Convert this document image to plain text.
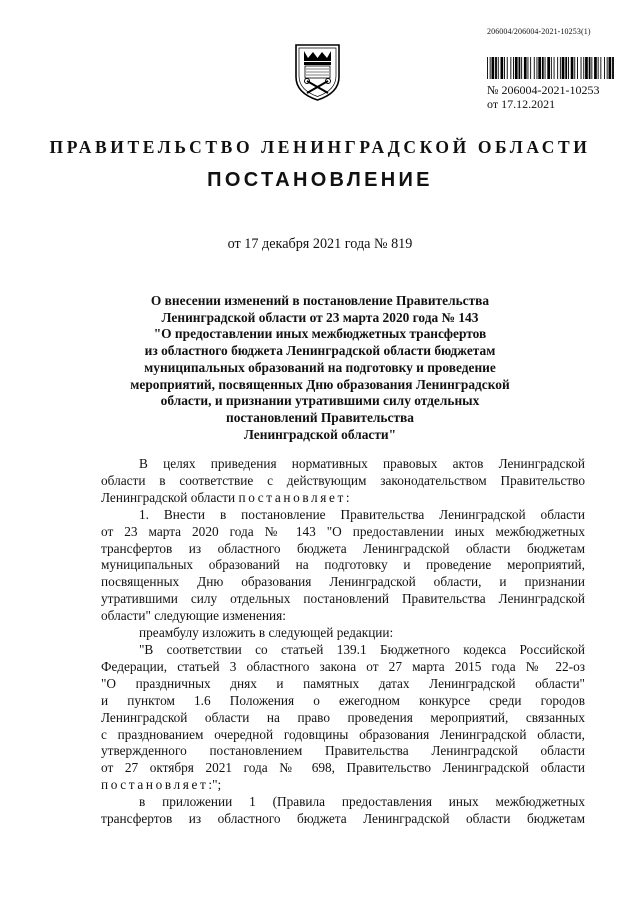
206004/206004-2021-10253(1)
№ 206004-2021-10253
от 17.12.2021
ПРАВИТЕЛЬСТВО ЛЕНИНГРАДСКОЙ ОБЛАСТИ
ПОСТАНОВЛЕНИЕ
от 17 декабря 2021 года № 819
О внесении изменений в постановление Правительства
Ленинградской области от 23 марта 2020 года № 143
"О предоставлении иных межбюджетных трансфертов
из областного бюджета Ленинградской области бюджетам
муниципальных образований на подготовку и проведение
мероприятий, посвященных Дню образования Ленинградской
области, и признании утратившими силу отдельных
постановлений Правительства
Ленинградской области"
В целях приведения нормативных правовых актов Ленинградской
области в соответствие с действующим законодательством Правительство
Ленинградской области постановляет:
1. Внести в постановление Правительства Ленинградской области
от 23 марта 2020 года № 143 "О предоставлении иных межбюджетных
трансфертов из областного бюджета Ленинградской области бюджетам
муниципальных образований на подготовку и проведение мероприятий,
посвященных Дню образования Ленинградской области, и признании
утратившими силу отдельных постановлений Правительства Ленинградской
области" следующие изменения:
преамбулу изложить в следующей редакции:
"В соответствии со статьей 139.1 Бюджетного кодекса Российской
Федерации, статьей 3 областного закона от 27 марта 2015 года № 22-оз
"О праздничных днях и памятных датах Ленинградской области"
и пунктом 1.6 Положения о ежегодном конкурсе среди городов
Ленинградской области на право проведения мероприятий, связанных
с празднованием очередной годовщины образования Ленинградской области,
утвержденного постановлением Правительства Ленинградской области
от 27 октября 2021 года № 698, Правительство Ленинградской области
постановляет:";
в приложении 1 (Правила предоставления иных межбюджетных
трансфертов из областного бюджета Ленинградской области бюджетам
